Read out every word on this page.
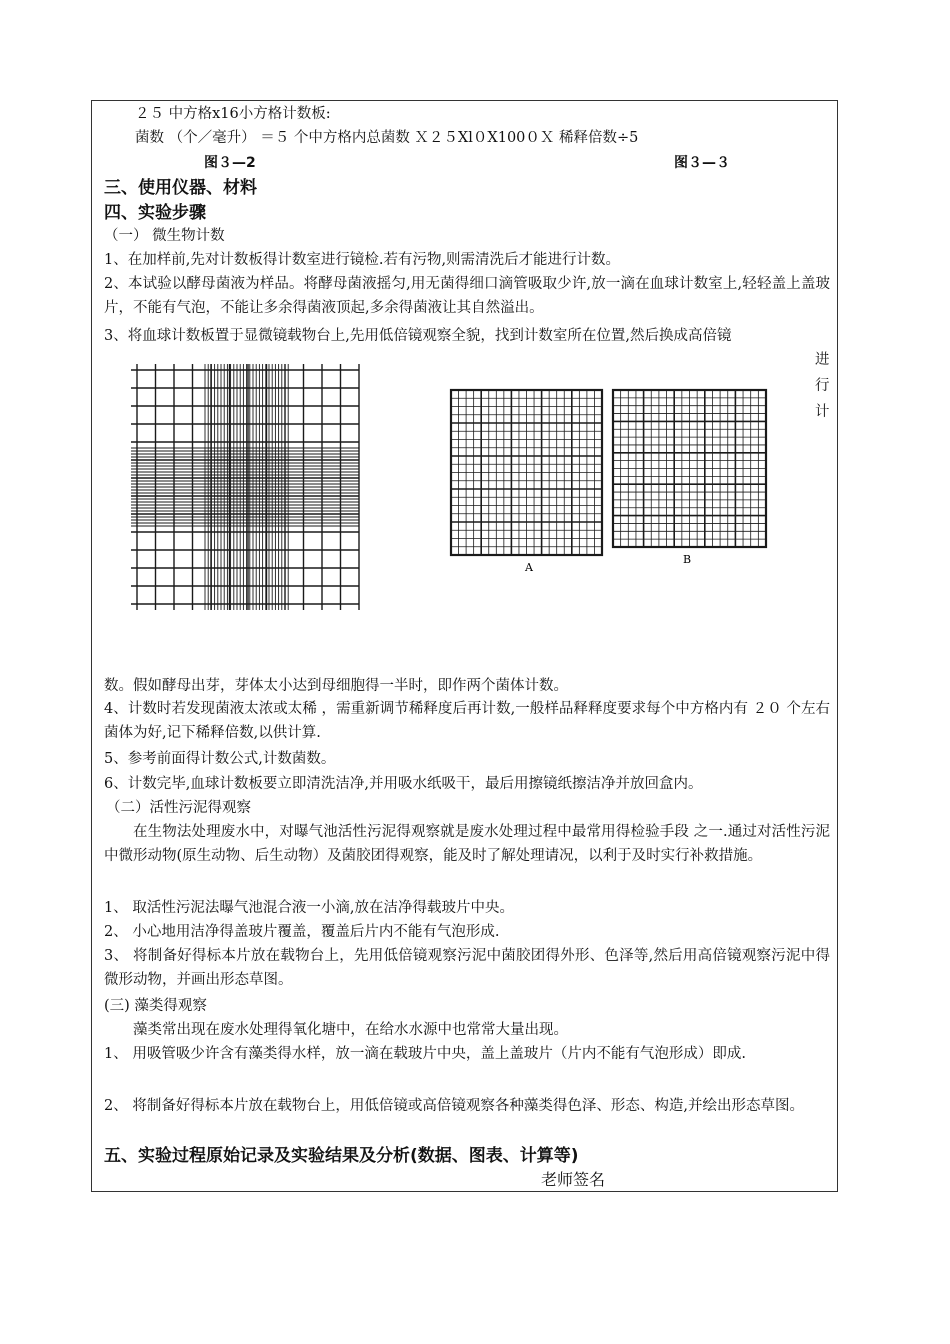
２５ 中方格x16小方格计数板:
菌数 （个／毫升） ＝５ 个中方格内总菌数 Ｘ２５Xl０X100０Ｘ 稀释倍数÷5
图３—2	图３—３
三、使用仪器、材料
四、实验步骤
（一） 微生物计数
1、在加样前,先对计数板得计数室进行镜检.若有污物,则需清洗后才能进行计数。
2、本试验以酵母菌液为样品。将酵母菌液摇匀,用无菌得细口滴管吸取少许,放一滴在血球计数室上,轻轻盖上盖玻片，不能有气泡，不能让多余得菌液顶起,多余得菌液让其自然溢出。
3、将血球计数板置于显微镜载物台上,先用低倍镜观察全貌，找到计数室所在位置,然后换成高倍镜
进
行
计
A
B
数。假如酵母出芽，芽体太小达到母细胞得一半时，即作两个菌体计数。
4、计数时若发现菌液太浓或太稀 ，需重新调节稀释度后再计数,一般样品释释度要求每个中方格内有 ２０ 个左右菌体为好,记下稀释倍数,以供计算.
5、参考前面得计数公式,计数菌数。
6、计数完毕,血球计数板要立即清洗洁净,并用吸水纸吸干，最后用擦镜纸擦洁净并放回盒内。
（二）活性污泥得观察
在生物法处理废水中，对曝气池活性污泥得观察就是废水处理过程中最常用得检验手段 之一.通过对活性污泥中微形动物(原生动物、后生动物）及菌胶团得观察，能及时了解处理请况，以利于及时实行补救措施。
1、 取活性污泥法曝气池混合液一小滴,放在洁净得载玻片中央。
2、 小心地用洁净得盖玻片覆盖，覆盖后片内不能有气泡形成.
3、 将制备好得标本片放在载物台上，先用低倍镜观察污泥中菌胶团得外形、色泽等,然后用高倍镜观察污泥中得微形动物，并画出形态草图。
(三) 藻类得观察
藻类常出现在废水处理得氧化塘中，在给水水源中也常常大量出现。
1、 用吸管吸少许含有藻类得水样，放一滴在载玻片中央，盖上盖玻片（片内不能有气泡形成）即成.
2、 将制备好得标本片放在载物台上，用低倍镜或高倍镜观察各种藻类得色泽、形态、构造,并绘出形态草图。
五、实验过程原始记录及实验结果及分析(数据、图表、计算等)
老师签名
